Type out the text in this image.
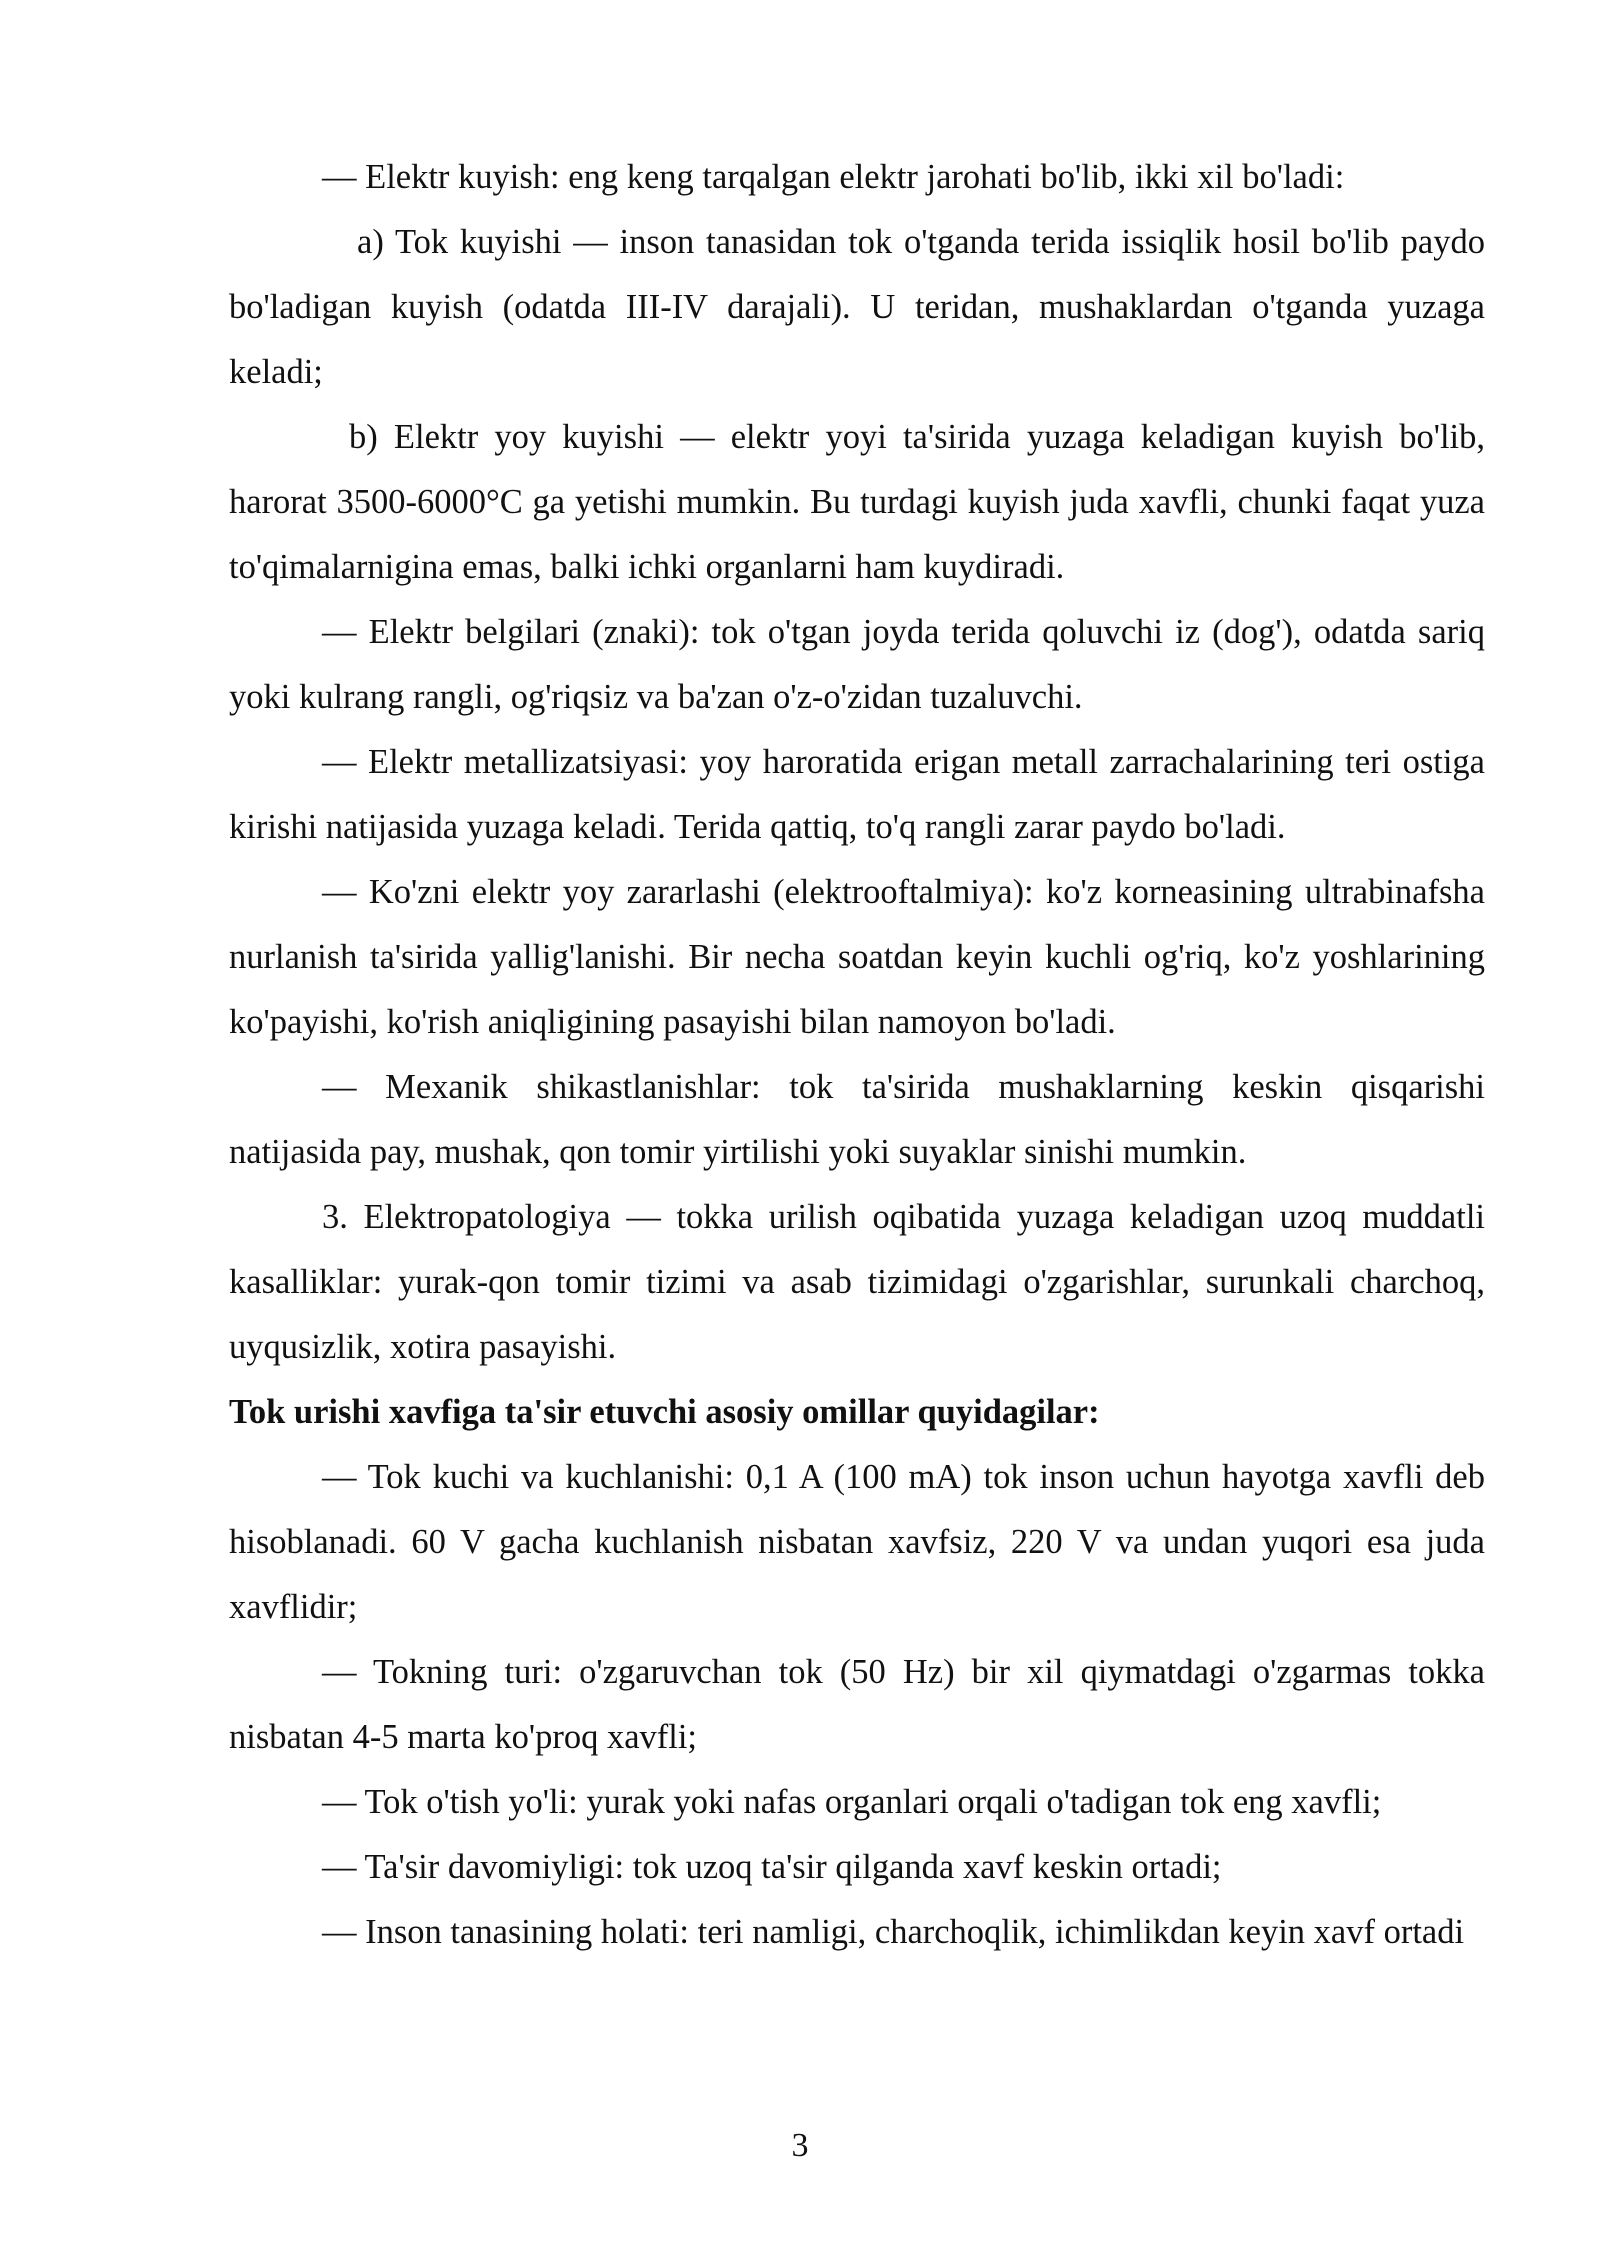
— Elektr kuyish: eng keng tarqalgan elektr jarohati bo'lib, ikki xil bo'ladi:

a) Tok kuyishi — inson tanasidan tok o'tganda terida issiqlik hosil bo'lib paydo bo'ladigan kuyish (odatda III-IV darajali). U teridan, mushaklardan o'tganda yuzaga keladi;

b) Elektr yoy kuyishi — elektr yoyi ta'sirida yuzaga keladigan kuyish bo'lib, harorat 3500-6000°C ga yetishi mumkin. Bu turdagi kuyish juda xavfli, chunki faqat yuza to'qimalarnigina emas, balki ichki organlarni ham kuydiradi.

— Elektr belgilari (znaki): tok o'tgan joyda terida qoluvchi iz (dog'), odatda sariq yoki kulrang rangli, og'riqsiz va ba'zan o'z-o'zidan tuzaluvchi.

— Elektr metallizatsiyasi: yoy haroratida erigan metall zarrachalarining teri ostiga kirishi natijasida yuzaga keladi. Terida qattiq, to'q rangli zarar paydo bo'ladi.

— Ko'zni elektr yoy zararlashi (elektrooftalmiya): ko'z korneasining ultrabinafsha nurlanish ta'sirida yallig'lanishi. Bir necha soatdan keyin kuchli og'riq, ko'z yoshlarining ko'payishi, ko'rish aniqligining pasayishi bilan namoyon bo'ladi.

— Mexanik shikastlanishlar: tok ta'sirida mushaklarning keskin qisqarishi natijasida pay, mushak, qon tomir yirtilishi yoki suyaklar sinishi mumkin.

3. Elektropatologiya — tokka urilish oqibatida yuzaga keladigan uzoq muddatli kasalliklar: yurak-qon tomir tizimi va asab tizimidagi o'zgarishlar, surunkali charchoq, uyqusizlik, xotira pasayishi.

Tok urishi xavfiga ta'sir etuvchi asosiy omillar quyidagilar:

— Tok kuchi va kuchlanishi: 0,1 A (100 mA) tok inson uchun hayotga xavfli deb hisoblanadi. 60 V gacha kuchlanish nisbatan xavfsiz, 220 V va undan yuqori esa juda xavflidir;

— Tokning turi: o'zgaruvchan tok (50 Hz) bir xil qiymatdagi o'zgarmas tokka nisbatan 4-5 marta ko'proq xavfli;

— Tok o'tish yo'li: yurak yoki nafas organlari orqali o'tadigan tok eng xavfli;

— Ta'sir davomiyligi: tok uzoq ta'sir qilganda xavf keskin ortadi;

— Inson tanasining holati: teri namligi, charchoqlik, ichimlikdan keyin xavf ortadi

3
